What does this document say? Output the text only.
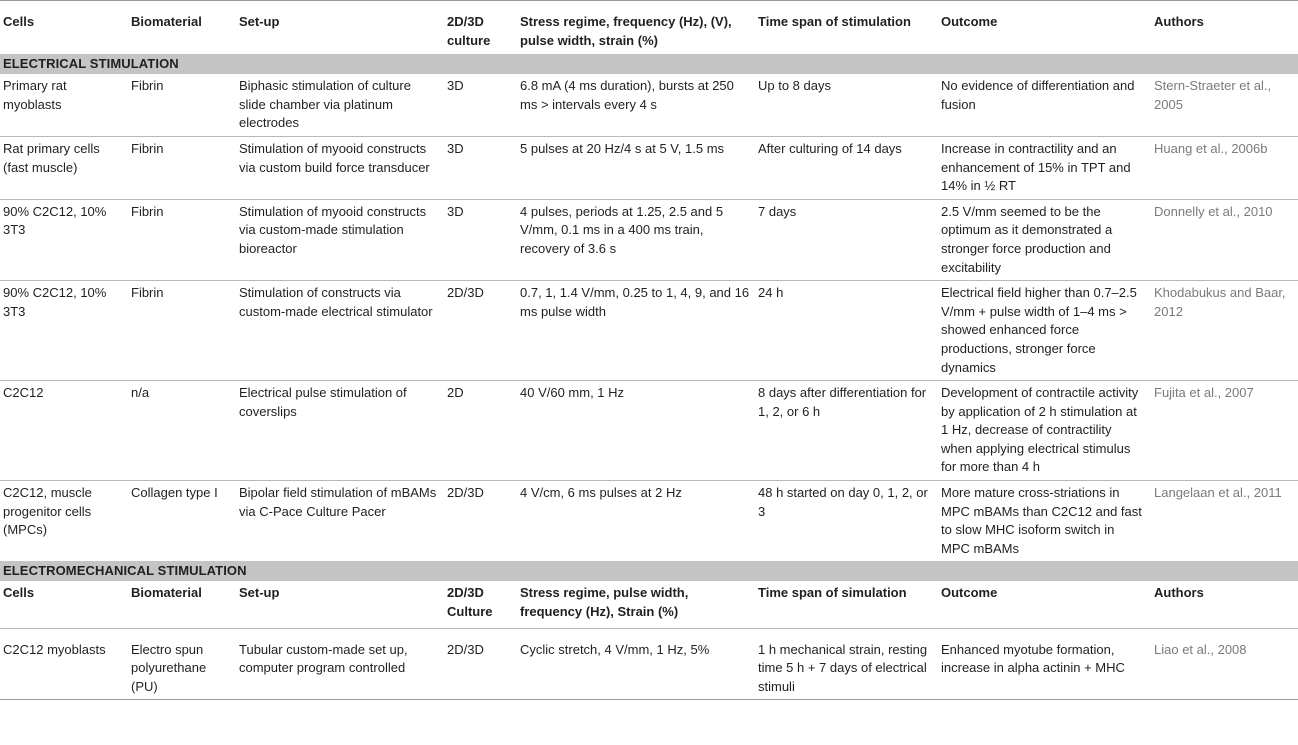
Cells	Biomaterial	Set-up	2D/3D culture	Stress regime, frequency (Hz), (V), pulse width, strain (%)	Time span of stimulation	Outcome	Authors
ELECTRICAL STIMULATION							
Primary rat myoblasts	Fibrin	Biphasic stimulation of culture slide chamber via platinum electrodes	3D	6.8 mA (4 ms duration), bursts at 250 ms > intervals every 4 s	Up to 8 days	No evidence of differentiation and fusion	Stern-Straeter et al., 2005
Rat primary cells (fast muscle)	Fibrin	Stimulation of myooid constructs via custom build force transducer	3D	5 pulses at 20 Hz/4 s at 5 V, 1.5 ms	After culturing of 14 days	Increase in contractility and an enhancement of 15% in TPT and 14% in ½ RT	Huang et al., 2006b
90% C2C12, 10% 3T3	Fibrin	Stimulation of myooid constructs via custom-made stimulation bioreactor	3D	4 pulses, periods at 1.25, 2.5 and 5 V/mm, 0.1 ms in a 400 ms train, recovery of 3.6 s	7 days	2.5 V/mm seemed to be the optimum as it demonstrated a stronger force production and excitability	Donnelly et al., 2010
90% C2C12, 10% 3T3	Fibrin	Stimulation of constructs via custom-made electrical stimulator	2D/3D	0.7, 1, 1.4 V/mm, 0.25 to 1, 4, 9, and 16 ms pulse width	24 h	Electrical field higher than 0.7–2.5 V/mm + pulse width of 1–4 ms > showed enhanced force productions, stronger force dynamics	Khodabukus and Baar, 2012
C2C12	n/a	Electrical pulse stimulation of coverslips	2D	40 V/60 mm, 1 Hz	8 days after differentiation for 1, 2, or 6 h	Development of contractile activity by application of 2 h stimulation at 1 Hz, decrease of contractility when applying electrical stimulus for more than 4 h	Fujita et al., 2007
C2C12, muscle progenitor cells (MPCs)	Collagen type I	Bipolar field stimulation of mBAMs via C-Pace Culture Pacer	2D/3D	4 V/cm, 6 ms pulses at 2 Hz	48 h started on day 0, 1, 2, or 3	More mature cross-striations in MPC mBAMs than C2C12 and fast to slow MHC isoform switch in MPC mBAMs	Langelaan et al., 2011
ELECTROMECHANICAL STIMULATION							
Cells	Biomaterial	Set-up	2D/3D Culture	Stress regime, pulse width, frequency (Hz), Strain (%)	Time span of simulation	Outcome	Authors
C2C12 myoblasts	Electro spun polyurethane (PU)	Tubular custom-made set up, computer program controlled	2D/3D	Cyclic stretch, 4 V/mm, 1 Hz, 5%	1 h mechanical strain, resting time 5 h + 7 days of electrical stimuli	Enhanced myotube formation, increase in alpha actinin + MHC	Liao et al., 2008
